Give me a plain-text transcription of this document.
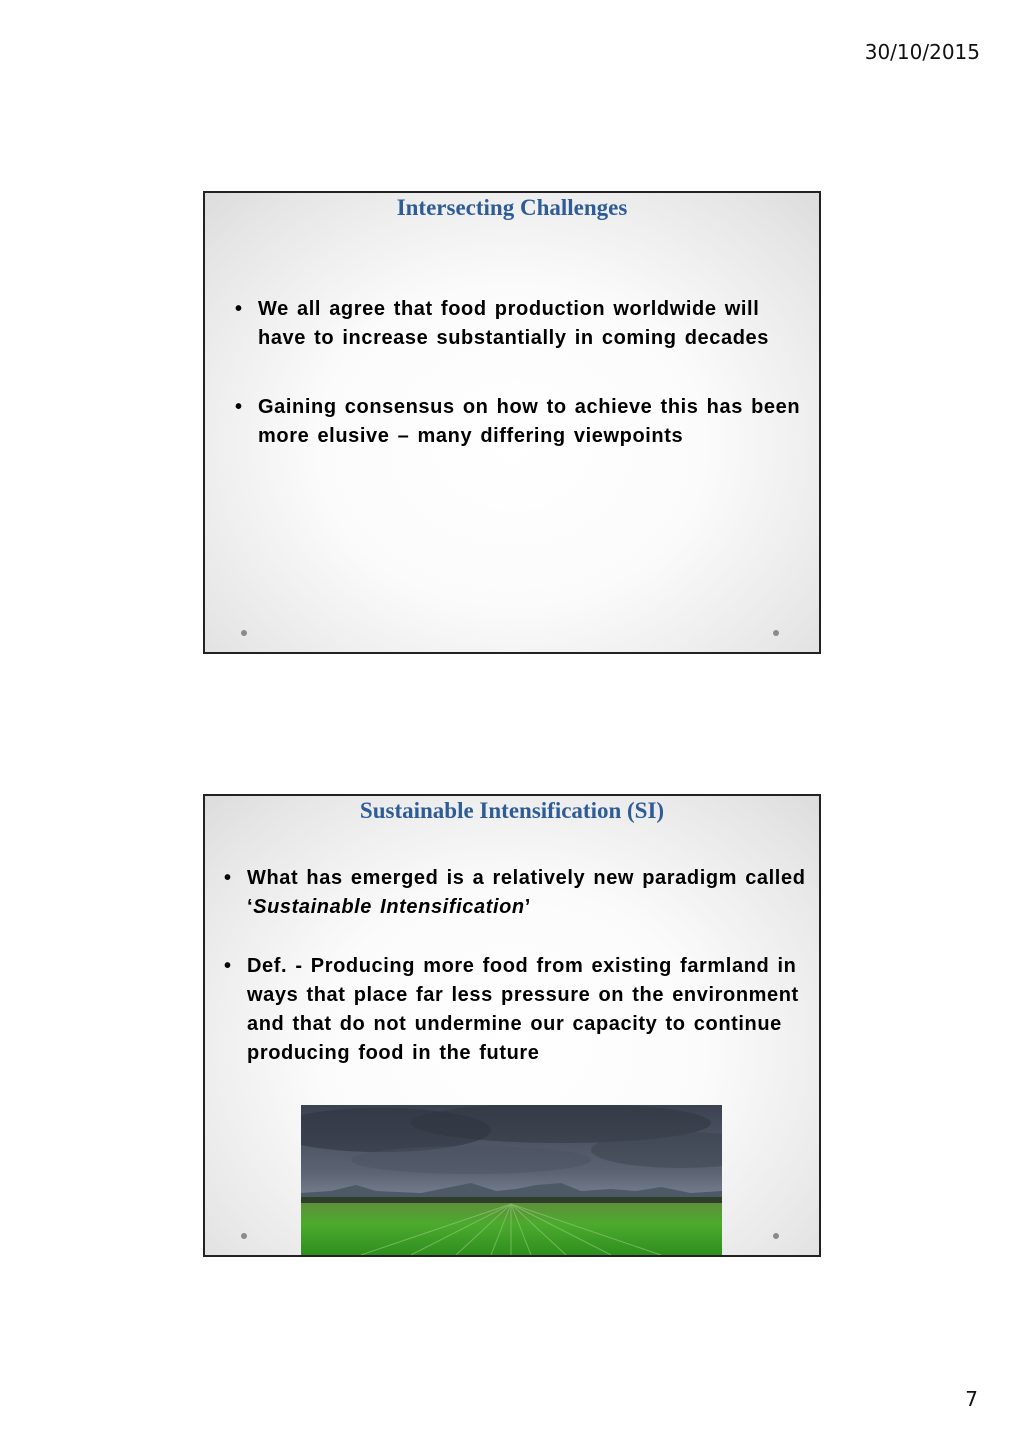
30/10/2015
Intersecting Challenges
• We all agree that food production worldwide will have to increase substantially in coming decades
• Gaining consensus on how to achieve this has been more elusive – many differing viewpoints
Sustainable Intensification (SI)
• What has emerged is a relatively new paradigm called ‘Sustainable Intensification’
• Def. - Producing more food from existing farmland in ways that place far less pressure on the environment and that do not undermine our capacity to continue producing food in the future
7
